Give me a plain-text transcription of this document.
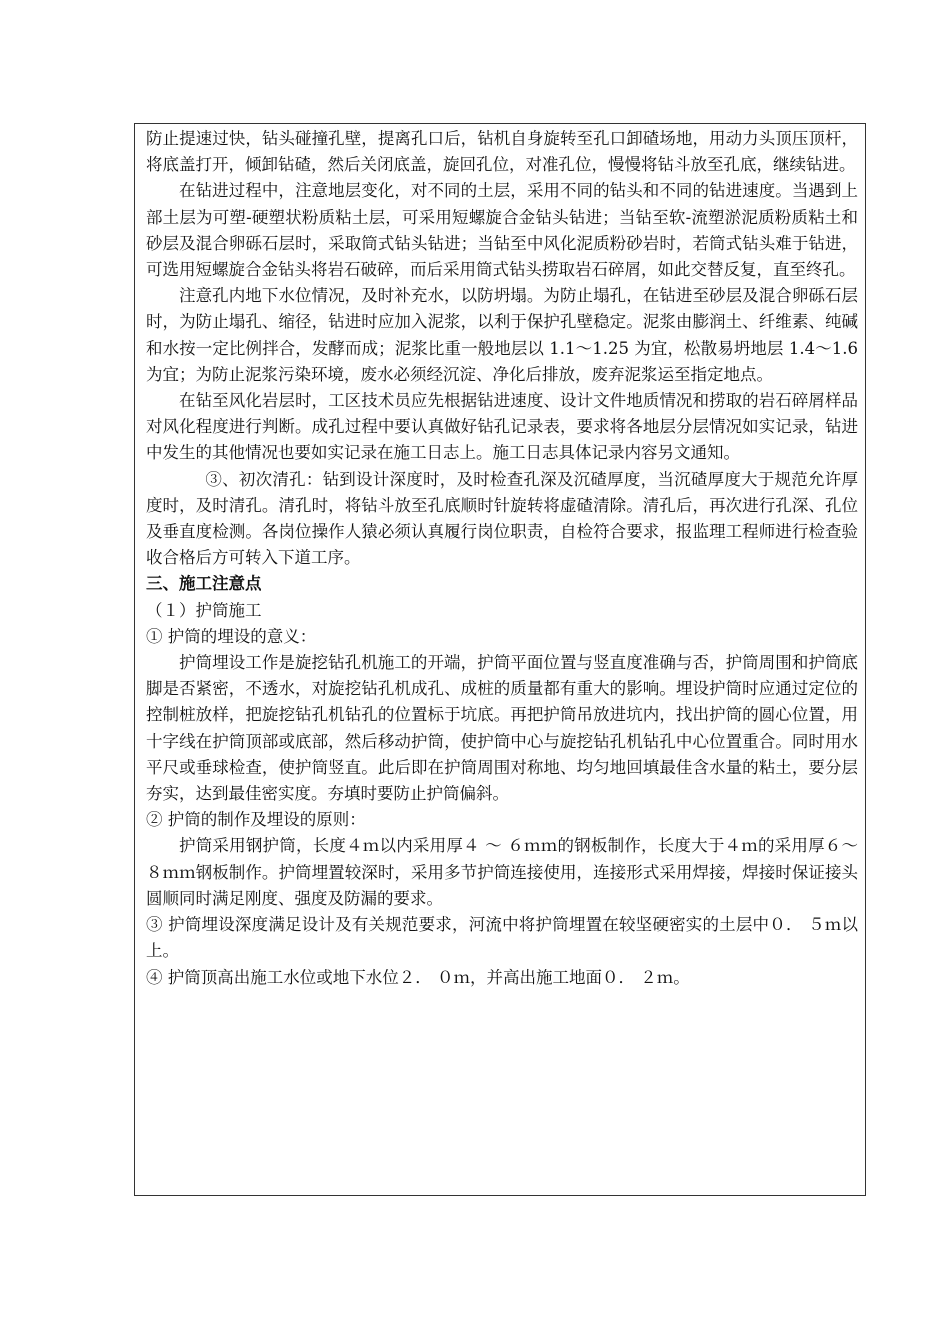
防止提速过快，钻头碰撞孔壁，提离孔口后，钻机自身旋转至孔口卸碴场地，用动力头顶压顶杆，将底盖打开，倾卸钻碴，然后关闭底盖，旋回孔位，对准孔位，慢慢将钻斗放至孔底，继续钻进。

在钻进过程中，注意地层变化，对不同的土层，采用不同的钻头和不同的钻进速度。当遇到上部土层为可塑-硬塑状粉质粘土层，可采用短螺旋合金钻头钻进；当钻至软-流塑淤泥质粉质粘土和砂层及混合卵砾石层时，采取筒式钻头钻进；当钻至中风化泥质粉砂岩时，若筒式钻头难于钻进，可选用短螺旋合金钻头将岩石破碎，而后采用筒式钻头捞取岩石碎屑，如此交替反复，直至终孔。

注意孔内地下水位情况，及时补充水，以防坍塌。为防止塌孔，在钻进至砂层及混合卵砾石层时，为防止塌孔、缩径，钻进时应加入泥浆，以利于保护孔壁稳定。泥浆由膨润土、纤维素、纯碱和水按一定比例拌合，发酵而成；泥浆比重一般地层以 1.1～1.25 为宜，松散易坍地层 1.4～1.6 为宜；为防止泥浆污染环境，废水必须经沉淀、净化后排放，废弃泥浆运至指定地点。

在钻至风化岩层时，工区技术员应先根据钻进速度、设计文件地质情况和捞取的岩石碎屑样品对风化程度进行判断。成孔过程中要认真做好钻孔记录表，要求将各地层分层情况如实记录，钻进中发生的其他情况也要如实记录在施工日志上。施工日志具体记录内容另文通知。

③、初次清孔：钻到设计深度时，及时检查孔深及沉碴厚度，当沉碴厚度大于规范允许厚度时，及时清孔。清孔时，将钻斗放至孔底顺时针旋转将虚碴清除。清孔后，再次进行孔深、孔位及垂直度检测。各岗位操作人猿必须认真履行岗位职责，自检符合要求，报监理工程师进行检查验收合格后方可转入下道工序。

三、施工注意点

（１）护筒施工

① 护筒的埋设的意义：

护筒埋设工作是旋挖钻孔机施工的开端，护筒平面位置与竖直度准确与否，护筒周围和护筒底脚是否紧密，不透水，对旋挖钻孔机成孔、成桩的质量都有重大的影响。埋设护筒时应通过定位的控制桩放样，把旋挖钻孔机钻孔的位置标于坑底。再把护筒吊放进坑内，找出护筒的圆心位置，用十字线在护筒顶部或底部，然后移动护筒，使护筒中心与旋挖钻孔机钻孔中心位置重合。同时用水平尺或垂球检查，使护筒竖直。此后即在护筒周围对称地、均匀地回填最佳含水量的粘土，要分层夯实，达到最佳密实度。夯填时要防止护筒偏斜。

② 护筒的制作及埋设的原则：

护筒采用钢护筒，长度４ｍ以内采用厚４ ～ ６ｍｍ的钢板制作，长度大于４ｍ的采用厚６～ ８ｍｍ钢板制作。护筒埋置较深时，采用多节护筒连接使用，连接形式采用焊接，焊接时保证接头圆顺同时满足刚度、强度及防漏的要求。

③ 护筒埋设深度满足设计及有关规范要求，河流中将护筒埋置在较坚硬密实的土层中０． ５ｍ以上。

④ 护筒顶高出施工水位或地下水位２． ０ｍ，并高出施工地面０． ２ｍ。
